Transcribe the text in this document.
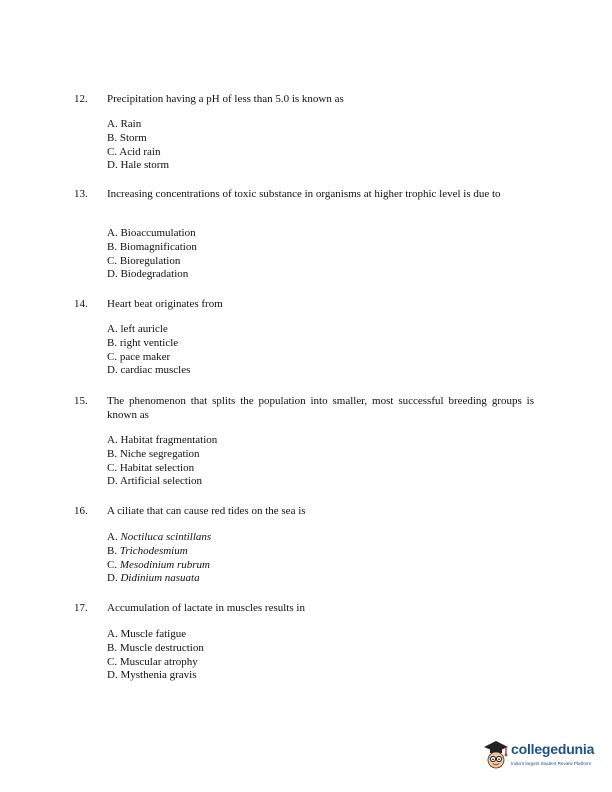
12. Precipitation having a pH of less than 5.0 is known as
A. Rain
B. Storm
C. Acid rain
D. Hale storm
13. Increasing concentrations of toxic substance in organisms at higher trophic level is due to
A. Bioaccumulation
B. Biomagnification
C. Bioregulation
D. Biodegradation
14. Heart beat originates from
A. left auricle
B. right venticle
C. pace maker
D. cardiac muscles
15. The phenomenon that splits the population into smaller, most successful breeding groups is known as
A. Habitat fragmentation
B. Niche segregation
C. Habitat selection
D. Artificial selection
16. A ciliate that can cause red tides on the sea is
A. Noctiluca scintillans
B. Trichodesmium
C. Mesodinium rubrum
D. Didinium nasuata
17. Accumulation of lactate in muscles results in
A. Muscle fatigue
B. Muscle destruction
C. Muscular atrophy
D. Mysthenia gravis
collegedunia
India's largest Student Review Platform
